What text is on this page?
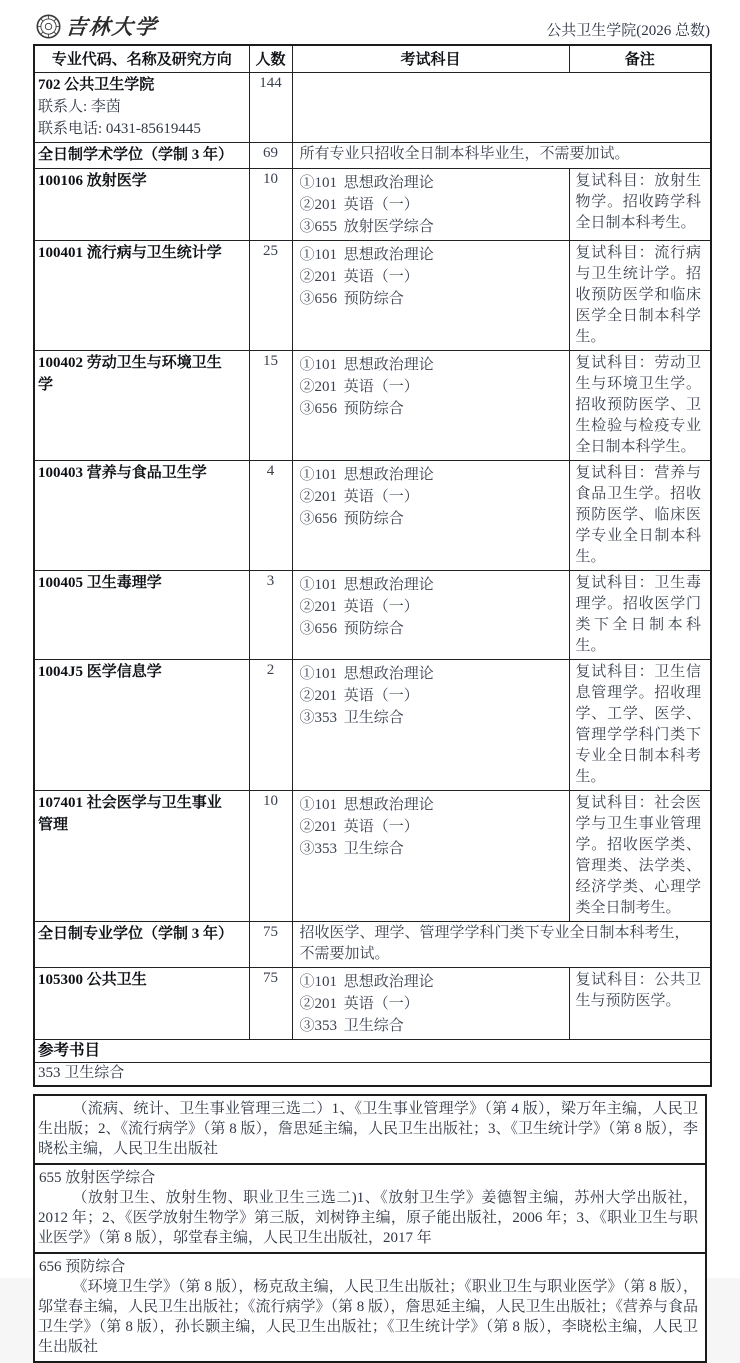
吉林大学	公共卫生学院(2026 总数)
专业代码、名称及研究方向	人数	考试科目	备注

702 公共卫生学院
联系人: 李茵
联系电话: 0431-85619445	144		

全日制学术学位（学制 3 年）	69	所有专业只招收全日制本科毕业生，不需要加试。	

100106 放射医学	10	①101 思想政治理论
②201 英语（一）
③655 放射医学综合	复试科目：放射生物学。招收跨学科全日制本科考生。

100401 流行病与卫生统计学	25	①101 思想政治理论
②201 英语（一）
③656 预防综合	复试科目：流行病与卫生统计学。招收预防医学和临床医学全日制本科学生。

100402 劳动卫生与环境卫生学	15	①101 思想政治理论
②201 英语（一）
③656 预防综合	复试科目：劳动卫生与环境卫生学。招收预防医学、卫生检验与检疫专业全日制本科学生。

100403 营养与食品卫生学	4	①101 思想政治理论
②201 英语（一）
③656 预防综合	复试科目：营养与食品卫生学。招收预防医学、临床医学专业全日制本科生。

100405 卫生毒理学	3	①101 思想政治理论
②201 英语（一）
③656 预防综合	复试科目：卫生毒理学。招收医学门类下全日制本科生。

1004J5 医学信息学	2	①101 思想政治理论
②201 英语（一）
③353 卫生综合	复试科目：卫生信息管理学。招收理学、工学、医学、管理学学科门类下专业全日制本科考生。

107401 社会医学与卫生事业管理	10	①101 思想政治理论
②201 英语（一）
③353 卫生综合	复试科目：社会医学与卫生事业管理学。招收医学类、管理类、法学类、经济学类、心理学类全日制考生。

全日制专业学位（学制 3 年）	75	招收医学、理学、管理学学科门类下专业全日制本科考生，不需要加试。	

105300 公共卫生	75	①101 思想政治理论
②201 英语（一）
③353 卫生综合	复试科目：公共卫生与预防医学。
参考书目			
353 卫生综合			
（流病、统计、卫生事业管理三选二）1、《卫生事业管理学》（第 4 版），梁万年主编，人民卫生出版；2、《流行病学》（第 8 版），詹思延主编，人民卫生出版社；3、《卫生统计学》（第 8 版），李晓松主编，人民卫生出版社
655 放射医学综合
（放射卫生、放射生物、职业卫生三选二)1、《放射卫生学》姜德智主编，苏州大学出版社，2012 年；2、《医学放射生物学》第三版，刘树铮主编，原子能出版社，2006 年；3、《职业卫生与职业医学》（第 8 版），邬堂春主编，人民卫生出版社，2017 年
656 预防综合
《环境卫生学》（第 8 版），杨克敌主编，人民卫生出版社；《职业卫生与职业医学》（第 8 版），邬堂春主编，人民卫生出版社；《流行病学》（第 8 版），詹思延主编，人民卫生出版社；《营养与食品卫生学》（第 8 版），孙长颢主编，人民卫生出版社；《卫生统计学》（第 8 版），李晓松主编，人民卫生出版社
